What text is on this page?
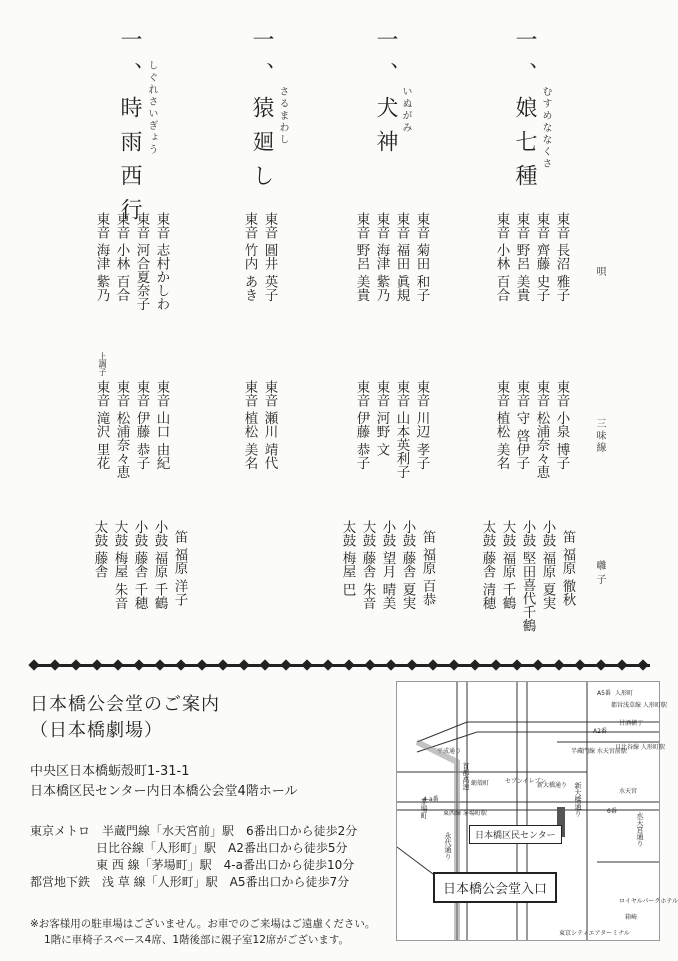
一、娘七種 むすめななくさ
東音 長沼 雅子
東音 齊藤 史子
東音 野呂 美貴
東音 小林 百合
東音 小泉 博子
東音 松浦奈々恵
東音 守 啓伊子
東音 植松 美名
笛 福原 徹秋
小鼓 福原 夏実
小鼓 堅田喜代千鶴
大鼓 福原 千鶴
太鼓 藤舎 清穂
一、犬神 いぬがみ
東音 菊田 和子
東音 福田 眞規
東音 海津 紫乃
東音 野呂 美貴
東音 川辺 孝子
東音 山本英利子
東音 河野 文
東音 伊藤 恭子
笛 福原 百恭
小鼓 藤舎 夏実
小鼓 望月 晴美
大鼓 藤舎 朱音
太鼓 梅屋 巴
一、猿廻し さるまわし
東音 圓井 英子
東音 竹内 あき
東音 瀬川 靖代
東音 植松 美名
一、時雨西行 しぐれさいぎょう
東音 志村かしわ
東音 河合夏奈子
東音 小林 百合
東音 海津 紫乃
東音 山口 由紀
東音 伊藤 恭子
東音 松浦奈々恵
上調子
東音 滝沢 里花
笛 福原 洋子
小鼓 福原 千鶴
小鼓 藤舎 千穂
大鼓 梅屋 朱音
太鼓 藤舎
唄
三味線
囃子
日本橋公会堂のご案内
（日本橋劇場）
中央区日本橋蛎殻町1-31-1
日本橋区民センター内日本橋公会堂4階ホール
東京メトロ　半蔵門線「水天宮前」駅　6番出口から徒歩2分
日比谷線「人形町」駅　A2番出口から徒歩5分
東 西 線「茅場町」駅　4-a番出口から徒歩10分
都営地下鉄　浅 草 線「人形町」駅　A5番出口から徒歩7分
※お客様用の駐車場はございません。お車でのご来場はご遠慮ください。
1階に車椅子スペース4席、1階後部に親子室12席がございます。
A5番 人形町
都営浅草線 人形町駅
甘酒横丁
A2番
日比谷線 人形町駅
半蔵門線 水天宮前駅
平成通り
新大橋通り
水天宮
蛎殻町
4-a番
東西線 茅場町駅
ロイヤルパークホテル
箱崎
東京シティエアターミナル
セブンイレブン
6番
水天宮通り
新大橋通り
首都高速
永代通り
茅場町
日本橋区民センター
日本橋公会堂入口
